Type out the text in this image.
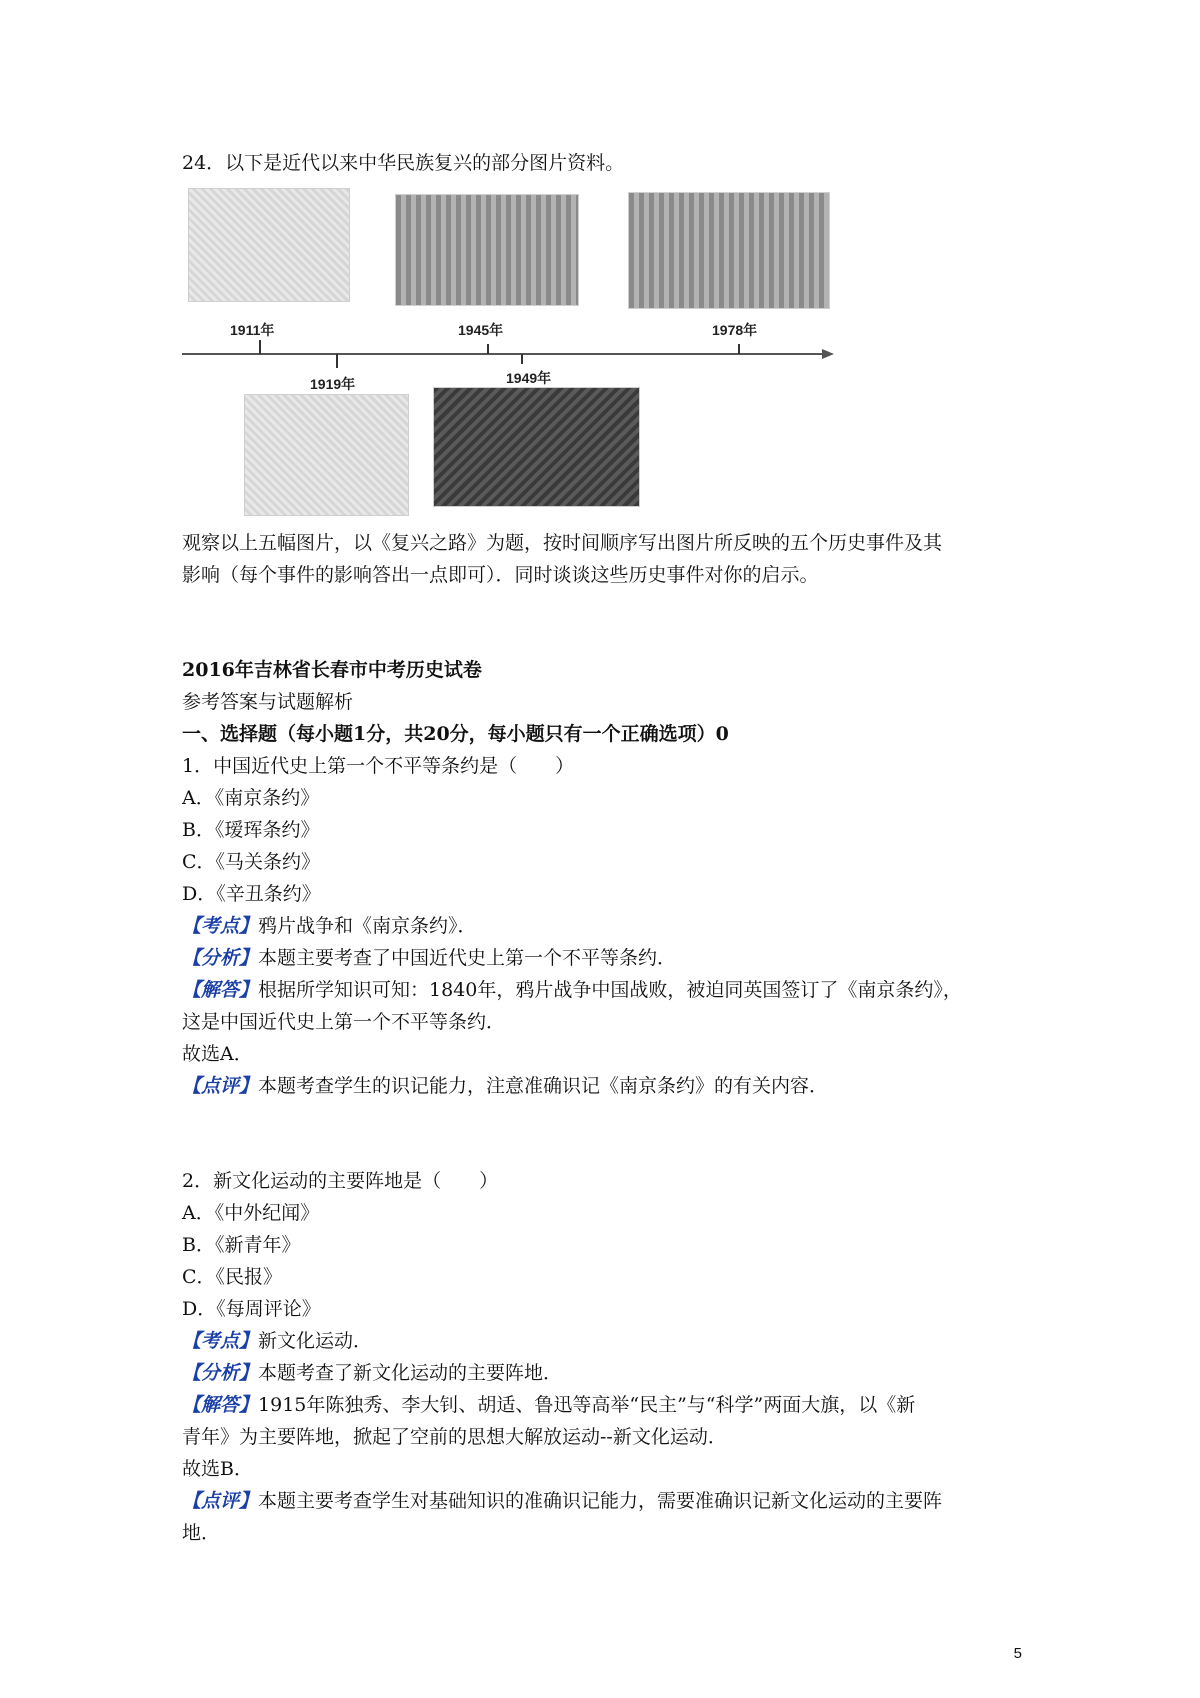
24．以下是近代以来中华民族复兴的部分图片资料。
1911年
1919年
1945年
1949年
1978年
观察以上五幅图片，以《复兴之路》为题，按时间顺序写出图片所反映的五个历史事件及其
影响（每个事件的影响答出一点即可）．同时谈谈这些历史事件对你的启示。
2016年吉林省长春市中考历史试卷
参考答案与试题解析
一、选择题（每小题1分，共20分，每小题只有一个正确选项）0
1．中国近代史上第一个不平等条约是（　　）
A．《南京条约》
B．《瑷珲条约》
C．《马关条约》
D．《辛丑条约》
【考点】鸦片战争和《南京条约》．
【分析】本题主要考查了中国近代史上第一个不平等条约．
【解答】根据所学知识可知：1840年，鸦片战争中国战败，被迫同英国签订了《南京条约》，
这是中国近代史上第一个不平等条约．
故选A．
【点评】本题考查学生的识记能力，注意准确识记《南京条约》的有关内容．
2．新文化运动的主要阵地是（　　）
A．《中外纪闻》
B．《新青年》
C．《民报》
D．《每周评论》
【考点】新文化运动．
【分析】本题考查了新文化运动的主要阵地．
【解答】1915年陈独秀、李大钊、胡适、鲁迅等高举“民主”与“科学”两面大旗，以《新
青年》为主要阵地，掀起了空前的思想大解放运动--新文化运动．
故选B．
【点评】本题主要考查学生对基础知识的准确识记能力，需要准确识记新文化运动的主要阵
地．
5
